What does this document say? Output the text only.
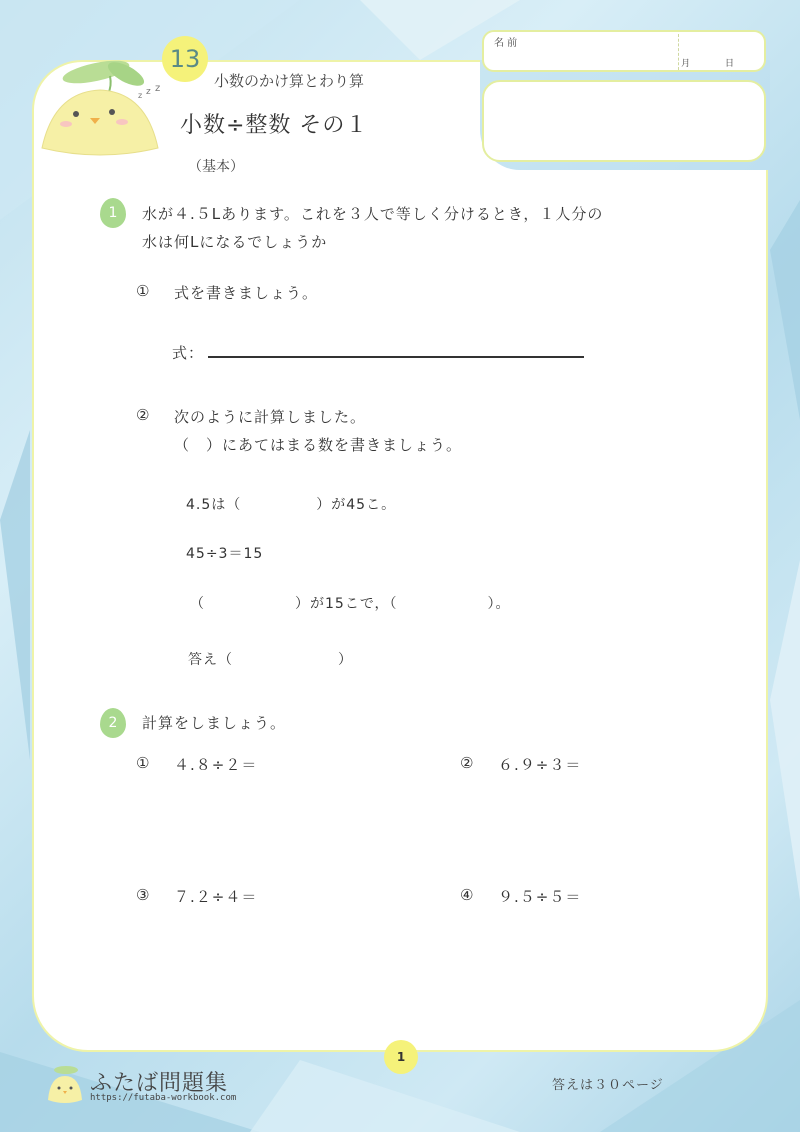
名 前
月 日
z z z
13
小数のかけ算とわり算
小数÷整数 その１
（基本）
1	水が４.５Lあります。これを３人で等しく分けるとき，１人分の
水は何Lになるでしょうか
① 式を書きましょう。
式：
② 次のように計算しました。
（　）にあてはまる数を書きましょう。
4.5は（　　　　　）が45こ。
45÷3＝15
（　　　　　　）が15こで，（　　　　　　）。
答え（　　　　　　　）
2	計算をしましょう。
① ４.８÷２＝	② ６.９÷３＝
③ ７.２÷４＝	④ ９.５÷５＝
1
ふたば問題集
https://futaba-workbook.com
答えは３０ページ
